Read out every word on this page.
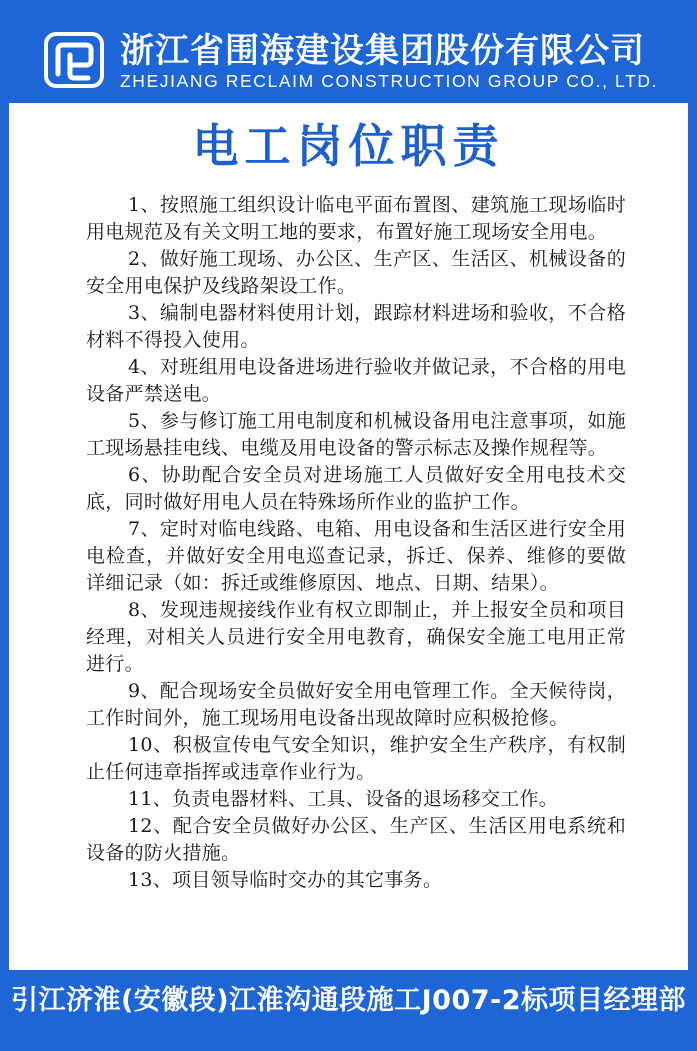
浙江省围海建设集团股份有限公司
ZHEJIANG RECLAIM CONSTRUCTION GROUP CO., LTD.
电工岗位职责

1、按照施工组织设计临电平面布置图、建筑施工现场临时用电规范及有关文明工地的要求，布置好施工现场安全用电。

2、做好施工现场、办公区、生产区、生活区、机械设备的安全用电保护及线路架设工作。

3、编制电器材料使用计划，跟踪材料进场和验收，不合格材料不得投入使用。

4、对班组用电设备进场进行验收并做记录，不合格的用电设备严禁送电。

5、参与修订施工用电制度和机械设备用电注意事项，如施工现场悬挂电线、电缆及用电设备的警示标志及操作规程等。

6、协助配合安全员对进场施工人员做好安全用电技术交底，同时做好用电人员在特殊场所作业的监护工作。

7、定时对临电线路、电箱、用电设备和生活区进行安全用电检查，并做好安全用电巡查记录，拆迁、保养、维修的要做详细记录（如：拆迁或维修原因、地点、日期、结果）。

8、发现违规接线作业有权立即制止，并上报安全员和项目经理，对相关人员进行安全用电教育，确保安全施工电用正常进行。

9、配合现场安全员做好安全用电管理工作。全天候待岗，工作时间外，施工现场用电设备出现故障时应积极抢修。

10、积极宣传电气安全知识，维护安全生产秩序，有权制止任何违章指挥或违章作业行为。

11、负责电器材料、工具、设备的退场移交工作。

12、配合安全员做好办公区、生产区、生活区用电系统和设备的防火措施。

13、项目领导临时交办的其它事务。

引江济淮(安徽段)江淮沟通段施工J007-2标项目经理部
